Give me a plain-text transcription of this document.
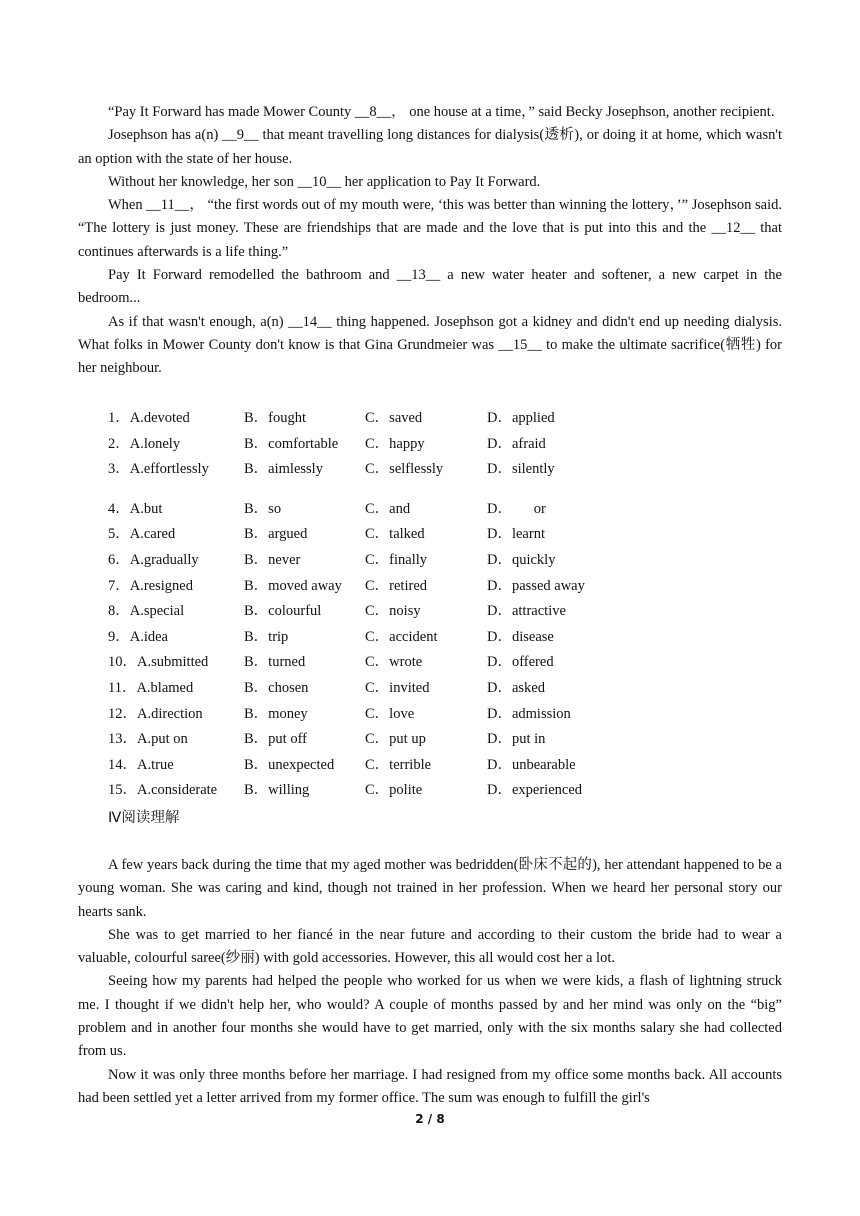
“Pay It Forward has made Mower County __8__， one house at a time，” said Becky Josephson, another recipient.

Josephson has a(n) __9__ that meant travelling long distances for dialysis(透析), or doing it at home, which wasn't an option with the state of her house.

Without her knowledge, her son __10__ her application to Pay It Forward.

When __11__， “the first words out of my mouth were, ‘this was better than winning the lottery，’” Josephson said. “The lottery is just money. These are friendships that are made and the love that is put into this and the __12__ that continues afterwards is a life thing.”

Pay It Forward remodelled the bathroom and __13__ a new water heater and softener, a new carpet in the bedroom...

As if that wasn't enough, a(n) __14__ thing happened. Josephson got a kidney and didn't end up needing dialysis. What folks in Mower County don't know is that Gina Grundmeier was __15__ to make the ultimate sacrifice(牺牲) for her neighbour.

1．A.devoted	B．fought	C．saved	D．applied
2．A.lonely	B．comfortable C．happy	D．afraid
3．A.effortlessly B．aimlessly	C．selflessly	D．silently
4．A.but	B．so	C．and	D．      or
5．A.cared	B．argued	C．talked	D．learnt
6．A.gradually	B．never	C．finally	D．quickly
7．A.resigned	B．moved away C．retired	D．passed away
8．A.special	B．colourful	C．noisy	D．attractive
9．A.idea	B．trip	C．accident	D．disease
10．A.submitted B．turned	C．wrote	D．offered
11．A.blamed	B．chosen	C．invited	D．asked
12．A.direction	B．money	C．love	D．admission
13．A.put on	B．put off	C．put up	D．put in
14．A.true	B．unexpected C．terrible	D．unbearable
15．A.considerate B．willing	C．polite	D．experienced
Ⅳ阅读理解

A few years back during the time that my aged mother was bedridden(卧床不起的), her attendant happened to be a young woman. She was caring and kind, though not trained in her profession. When we heard her personal story our hearts sank.

She was to get married to her fiancé in the near future and according to their custom the bride had to wear a valuable, colourful saree(纱丽) with gold accessories. However, this all would cost her a lot.

Seeing how my parents had helped the people who worked for us when we were kids, a flash of lightning struck me. I thought if we didn't help her, who would? A couple of months passed by and her mind was only on the “big” problem and in another four months she would have to get married, only with the six months salary she had collected from us.

Now it was only three months before her marriage. I had resigned from my office some months back. All accounts had been settled yet a letter arrived from my former office. The sum was enough to fulfill the girl's

2 / 8
